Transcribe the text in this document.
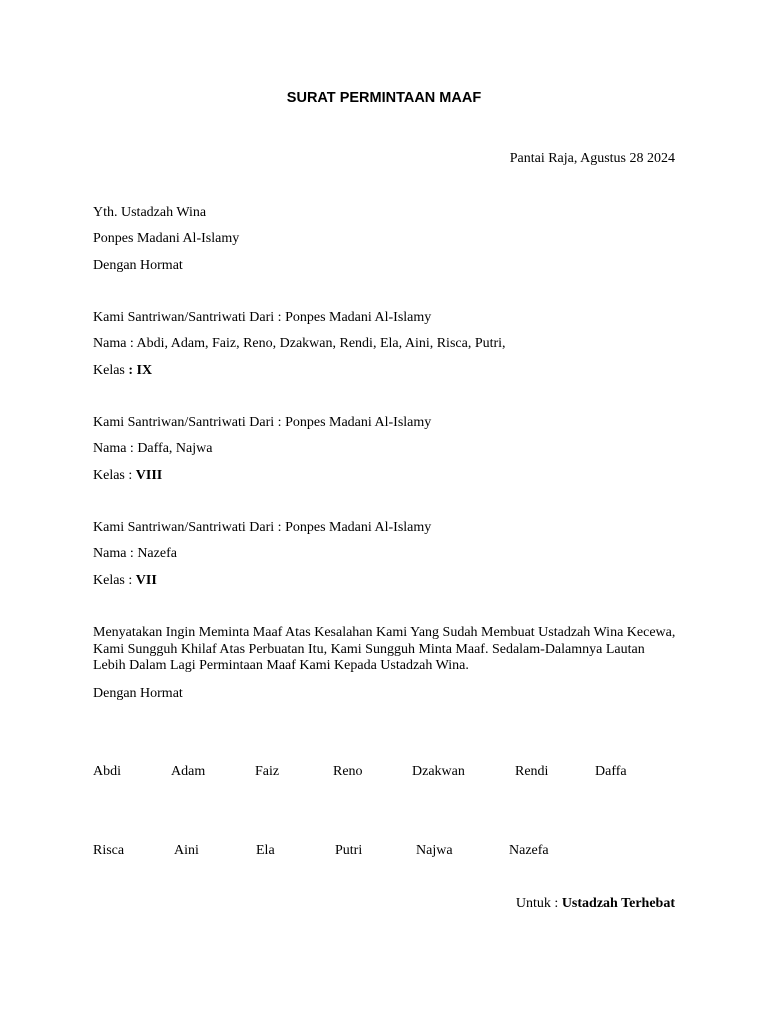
SURAT PERMINTAAN MAAF
Pantai Raja, Agustus 28 2024
Yth. Ustadzah Wina
Ponpes Madani Al-Islamy
Dengan Hormat
Kami Santriwan/Santriwati Dari : Ponpes Madani Al-Islamy
Nama : Abdi, Adam, Faiz, Reno, Dzakwan, Rendi, Ela, Aini, Risca, Putri,
Kelas : IX
Kami Santriwan/Santriwati Dari : Ponpes Madani Al-Islamy
Nama : Daffa, Najwa
Kelas : VIII
Kami Santriwan/Santriwati Dari : Ponpes Madani Al-Islamy
Nama : Nazefa
Kelas : VII
Menyatakan Ingin Meminta Maaf Atas Kesalahan Kami Yang Sudah Membuat Ustadzah Wina Kecewa, Kami Sungguh Khilaf Atas Perbuatan Itu, Kami Sungguh Minta Maaf. Sedalam-Dalamnya Lautan Lebih Dalam Lagi Permintaan Maaf Kami Kepada Ustadzah Wina.
Dengan Hormat
Abdi	Adam	Faiz	Reno	Dzakwan	Rendi	Daffa
Risca	Aini	Ela	Putri	Najwa	Nazefa
Untuk : Ustadzah Terhebat
